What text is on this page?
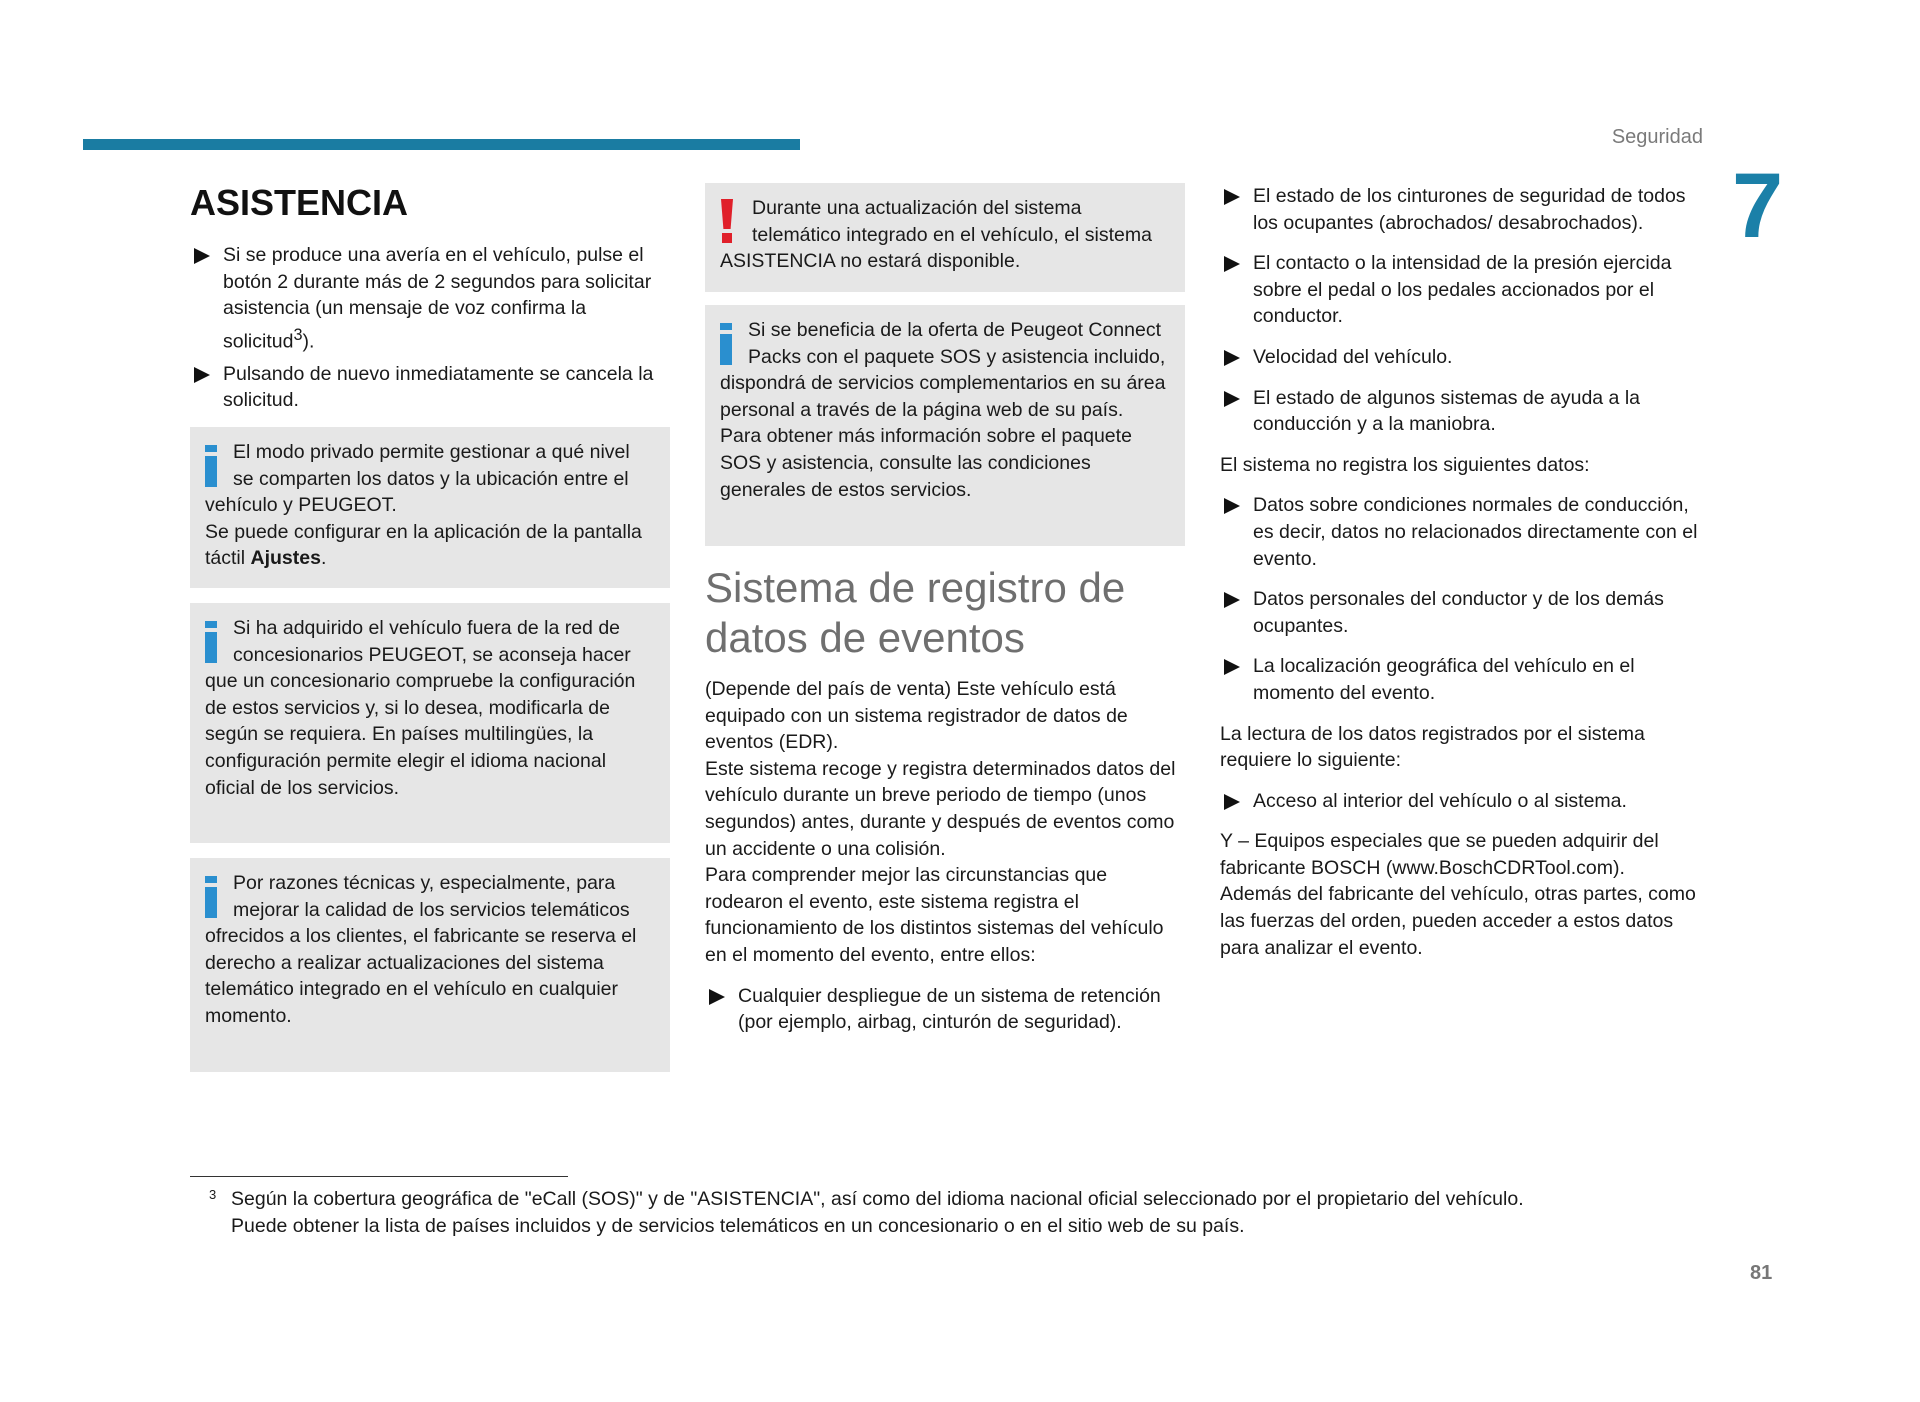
Seguridad
7
ASISTENCIA
Si se produce una avería en el vehículo, pulse el botón 2 durante más de 2 segundos para solicitar asistencia (un mensaje de voz confirma la solicitud$^3$).
Pulsando de nuevo inmediatamente se cancela la solicitud.
El modo privado permite gestionar a qué nivel se comparten los datos y la ubicación entre el vehículo y PEUGEOT.
Se puede configurar en la aplicación de la pantalla táctil Ajustes.
Si ha adquirido el vehículo fuera de la red de concesionarios PEUGEOT, se aconseja hacer que un concesionario compruebe la configuración de estos servicios y, si lo desea, modificarla de según se requiera. En países multilingües, la configuración permite elegir el idioma nacional oficial de los servicios.
Por razones técnicas y, especialmente, para mejorar la calidad de los servicios telemáticos ofrecidos a los clientes, el fabricante se reserva el derecho a realizar actualizaciones del sistema telemático integrado en el vehículo en cualquier momento.
Durante una actualización del sistema telemático integrado en el vehículo, el sistema ASISTENCIA no estará disponible.
Si se beneficia de la oferta de Peugeot Connect Packs con el paquete SOS y asistencia incluido, dispondrá de servicios complementarios en su área personal a través de la página web de su país.
Para obtener más información sobre el paquete SOS y asistencia, consulte las condiciones generales de estos servicios.
Sistema de registro de datos de eventos
(Depende del país de venta) Este vehículo está equipado con un sistema registrador de datos de eventos (EDR).
Este sistema recoge y registra determinados datos del vehículo durante un breve periodo de tiempo (unos segundos) antes, durante y después de eventos como un accidente o una colisión.
Para comprender mejor las circunstancias que rodearon el evento, este sistema registra el funcionamiento de los distintos sistemas del vehículo en el momento del evento, entre ellos:
Cualquier despliegue de un sistema de retención (por ejemplo, airbag, cinturón de seguridad).
El estado de los cinturones de seguridad de todos los ocupantes (abrochados/ desabrochados).
El contacto o la intensidad de la presión ejercida sobre el pedal o los pedales accionados por el conductor.
Velocidad del vehículo.
El estado de algunos sistemas de ayuda a la conducción y a la maniobra.
El sistema no registra los siguientes datos:
Datos sobre condiciones normales de conducción, es decir, datos no relacionados directamente con el evento.
Datos personales del conductor y de los demás ocupantes.
La localización geográfica del vehículo en el momento del evento.
La lectura de los datos registrados por el sistema requiere lo siguiente:
Acceso al interior del vehículo o al sistema.
Y – Equipos especiales que se pueden adquirir del fabricante BOSCH (www.BoschCDRTool.com).
Además del fabricante del vehículo, otras partes, como las fuerzas del orden, pueden acceder a estos datos para analizar el evento.
3 Según la cobertura geográfica de "eCall (SOS)" y de "ASISTENCIA", así como del idioma nacional oficial seleccionado por el propietario del vehículo.
Puede obtener la lista de países incluidos y de servicios telemáticos en un concesionario o en el sitio web de su país.
81
